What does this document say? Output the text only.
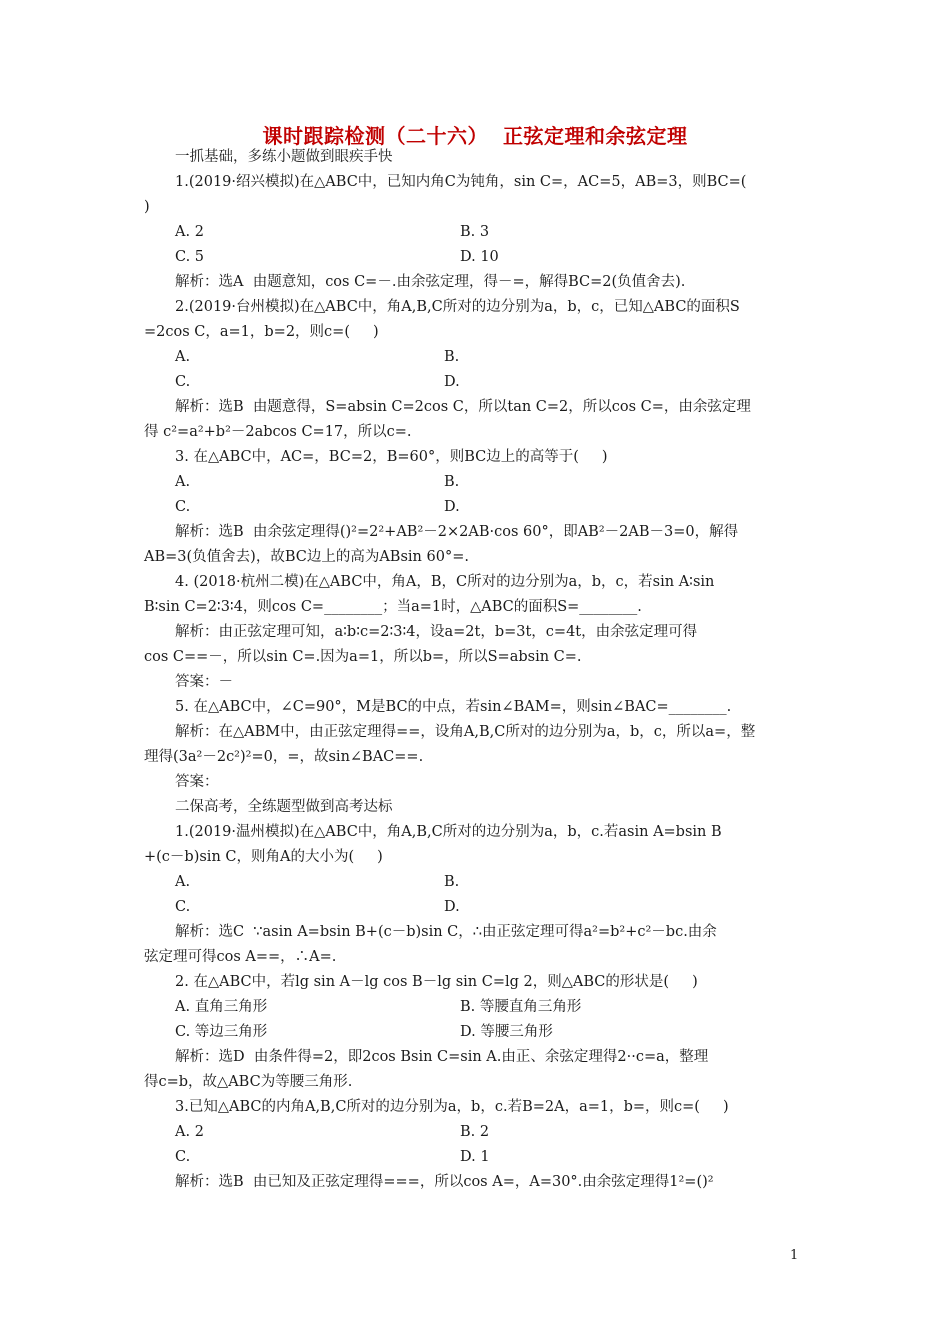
课时跟踪检测（二十六）  正弦定理和余弦定理
一抓基础，多练小题做到眼疾手快
1.(2019·绍兴模拟)在△ABC中，已知内角C为钝角，sin C=，AC=5，AB=3，则BC=(
)
A. 2	B. 3
C. 5	D. 10
解析：选A  由题意知，cos C=－.由余弦定理，得－=，解得BC=2(负值舍去).
2.(2019·台州模拟)在△ABC中，角A,B,C所对的边分别为a，b，c，已知△ABC的面积S
=2cos C，a=1，b=2，则c=(     )
A.	B.
C.	D.
解析：选B  由题意得，S=absin C=2cos C，所以tan C=2，所以cos C=，由余弦定理
得 c²=a²+b²－2abcos C=17，所以c=.
3. 在△ABC中，AC=，BC=2，B=60°，则BC边上的高等于(     )
A.	B.
C.	D.
解析：选B  由余弦定理得()²=2²+AB²－2×2AB·cos 60°，即AB²－2AB－3=0，解得
AB=3(负值舍去)，故BC边上的高为ABsin 60°=.
4. (2018·杭州二模)在△ABC中，角A，B，C所对的边分别为a，b，c，若sin A∶sin
B∶sin C=2∶3∶4，则cos C=________；当a=1时，△ABC的面积S=________.
解析：由正弦定理可知，a∶b∶c=2∶3∶4，设a=2t，b=3t，c=4t，由余弦定理可得
cos C==－，所以sin C=.因为a=1，所以b=，所以S=absin C=.
答案：－
5. 在△ABC中，∠C=90°，M是BC的中点，若sin∠BAM=，则sin∠BAC=________.
解析：在△ABM中，由正弦定理得==，设角A,B,C所对的边分别为a，b，c，所以a=，整
理得(3a²－2c²)²=0，=，故sin∠BAC==.
答案：
二保高考，全练题型做到高考达标
1.(2019·温州模拟)在△ABC中，角A,B,C所对的边分别为a，b，c.若asin A=bsin B
+(c－b)sin C，则角A的大小为(     )
A.	B.
C.	D.
解析：选C  ∵asin A=bsin B+(c－b)sin C，∴由正弦定理可得a²=b²+c²－bc.由余
弦定理可得cos A==，∴A=.
2. 在△ABC中，若lg sin A－lg cos B－lg sin C=lg 2，则△ABC的形状是(     )
A. 直角三角形	B. 等腰直角三角形
C. 等边三角形	D. 等腰三角形
解析：选D  由条件得=2，即2cos Bsin C=sin A.由正、余弦定理得2··c=a，整理
得c=b，故△ABC为等腰三角形.
3.已知△ABC的内角A,B,C所对的边分别为a，b，c.若B=2A，a=1，b=，则c=(     )
A. 2	B. 2
C.	D. 1
解析：选B  由已知及正弦定理得===，所以cos A=，A=30°.由余弦定理得1²=()²
1
